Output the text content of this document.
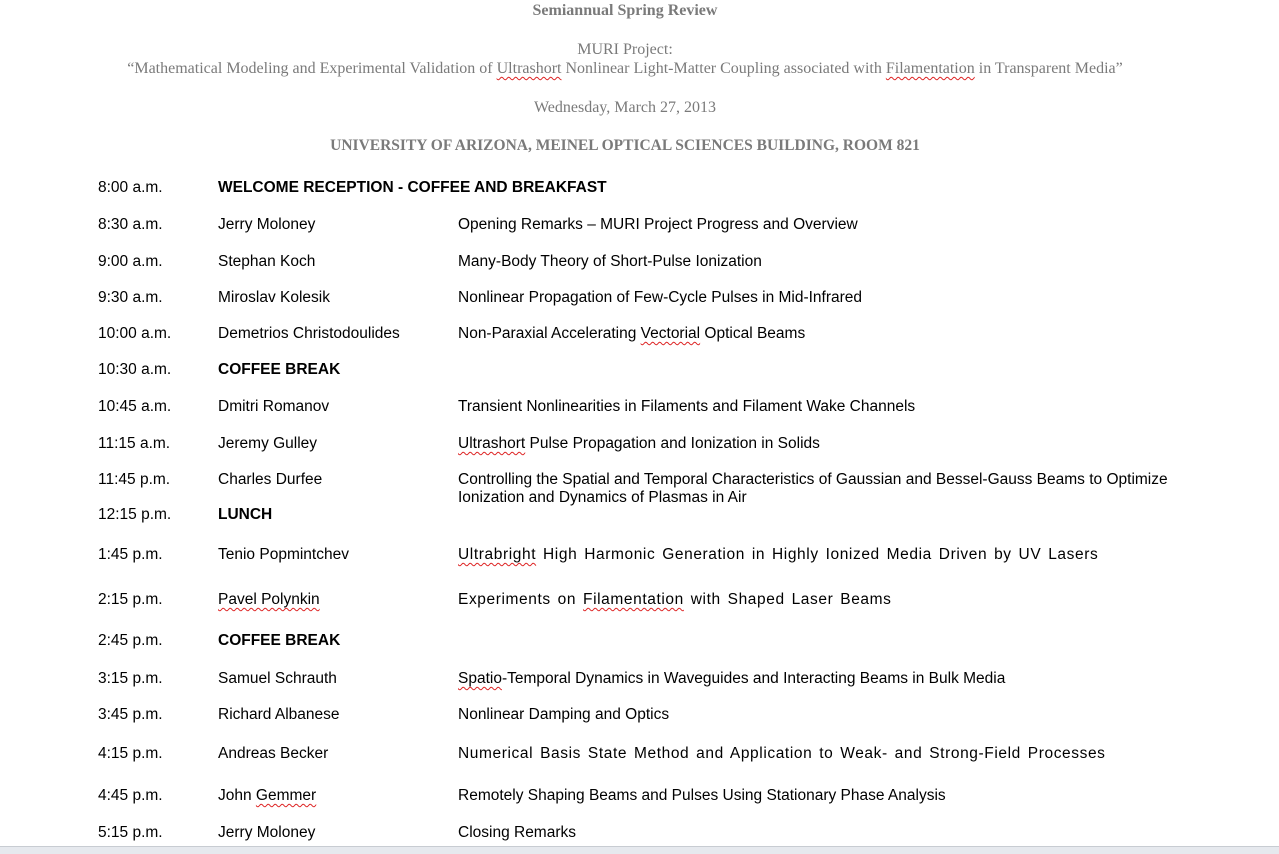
Semiannual Spring Review
MURI Project:
“Mathematical Modeling and Experimental Validation of Ultrashort Nonlinear Light-Matter Coupling associated with Filamentation in Transparent Media”
Wednesday, March 27, 2013
UNIVERSITY OF ARIZONA, MEINEL OPTICAL SCIENCES BUILDING, ROOM 821
8:00 a.m.	WELCOME RECEPTION - COFFEE AND BREAKFAST
8:30 a.m.	Jerry Moloney	Opening Remarks – MURI Project Progress and Overview
9:00 a.m.	Stephan Koch	Many-Body Theory of Short-Pulse Ionization
9:30 a.m.	Miroslav Kolesik	Nonlinear Propagation of Few-Cycle Pulses in Mid-Infrared
10:00 a.m.	Demetrios Christodoulides	Non-Paraxial Accelerating Vectorial Optical Beams
10:30 a.m.	COFFEE BREAK
10:45 a.m.	Dmitri Romanov	Transient Nonlinearities in Filaments and Filament Wake Channels
11:15 a.m.	Jeremy Gulley	Ultrashort Pulse Propagation and Ionization in Solids
11:45 p.m.	Charles Durfee	Controlling the Spatial and Temporal Characteristics of Gaussian and Bessel-Gauss Beams to Optimize Ionization and Dynamics of Plasmas in Air
12:15 p.m.	LUNCH
1:45 p.m.	Tenio Popmintchev	Ultrabright High Harmonic Generation in Highly Ionized Media Driven by UV Lasers
2:15 p.m.	Pavel Polynkin	Experiments on Filamentation with Shaped Laser Beams
2:45 p.m.	COFFEE BREAK
3:15 p.m.	Samuel Schrauth	Spatio-Temporal Dynamics in Waveguides and Interacting Beams in Bulk Media
3:45 p.m.	Richard Albanese	Nonlinear Damping and Optics
4:15 p.m.	Andreas Becker	Numerical Basis State Method and Application to Weak- and Strong-Field Processes
4:45 p.m.	John Gemmer	Remotely Shaping Beams and Pulses Using Stationary Phase Analysis
5:15 p.m.	Jerry Moloney	Closing Remarks
